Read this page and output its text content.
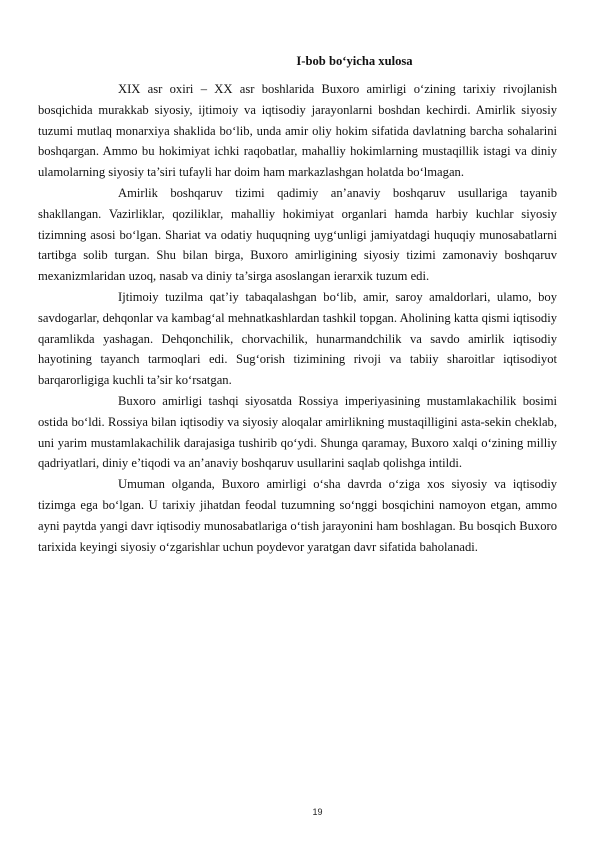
I-bob bo‘yicha xulosa

XIX asr oxiri – XX asr boshlarida Buxoro amirligi o‘zining tarixiy rivojlanish bosqichida murakkab siyosiy, ijtimoiy va iqtisodiy jarayonlarni boshdan kechirdi. Amirlik siyosiy tuzumi mutlaq monarxiya shaklida bo‘lib, unda amir oliy hokim sifatida davlatning barcha sohalarini boshqargan. Ammo bu hokimiyat ichki raqobatlar, mahalliy hokimlarning mustaqillik istagi va diniy ulamolarning siyosiy ta’siri tufayli har doim ham markazlashgan holatda bo‘lmagan.

Amirlik boshqaruv tizimi qadimiy an’anaviy boshqaruv usullariga tayanib shakllangan. Vazirliklar, qoziliklar, mahalliy hokimiyat organlari hamda harbiy kuchlar siyosiy tizimning asosi bo‘lgan. Shariat va odatiy huquqning uyg‘unligi jamiyatdagi huquqiy munosabatlarni tartibga solib turgan. Shu bilan birga, Buxoro amirligining siyosiy tizimi zamonaviy boshqaruv mexanizmlaridan uzoq, nasab va diniy ta’sirga asoslangan ierarxik tuzum edi.

Ijtimoiy tuzilma qat’iy tabaqalashgan bo‘lib, amir, saroy amaldorlari, ulamo, boy savdogarlar, dehqonlar va kambag‘al mehnatkashlardan tashkil topgan. Aholining katta qismi iqtisodiy qaramlikda yashagan. Dehqonchilik, chorvachilik, hunarmandchilik va savdo amirlik iqtisodiy hayotining tayanch tarmoqlari edi. Sug‘orish tizimining rivoji va tabiiy sharoitlar iqtisodiyot barqarorligiga kuchli ta’sir ko‘rsatgan.

Buxoro amirligi tashqi siyosatda Rossiya imperiyasining mustamlakachilik bosimi ostida bo‘ldi. Rossiya bilan iqtisodiy va siyosiy aloqalar amirlikning mustaqilligini asta-sekin cheklab, uni yarim mustamlakachilik darajasiga tushirib qo‘ydi. Shunga qaramay, Buxoro xalqi o‘zining milliy qadriyatlari, diniy e’tiqodi va an’anaviy boshqaruv usullarini saqlab qolishga intildi.

Umuman olganda, Buxoro amirligi o‘sha davrda o‘ziga xos siyosiy va iqtisodiy tizimga ega bo‘lgan. U tarixiy jihatdan feodal tuzumning so‘nggi bosqichini namoyon etgan, ammo ayni paytda yangi davr iqtisodiy munosabatlariga o‘tish jarayonini ham boshlagan. Bu bosqich Buxoro tarixida keyingi siyosiy o‘zgarishlar uchun poydevor yaratgan davr sifatida baholanadi.

19
